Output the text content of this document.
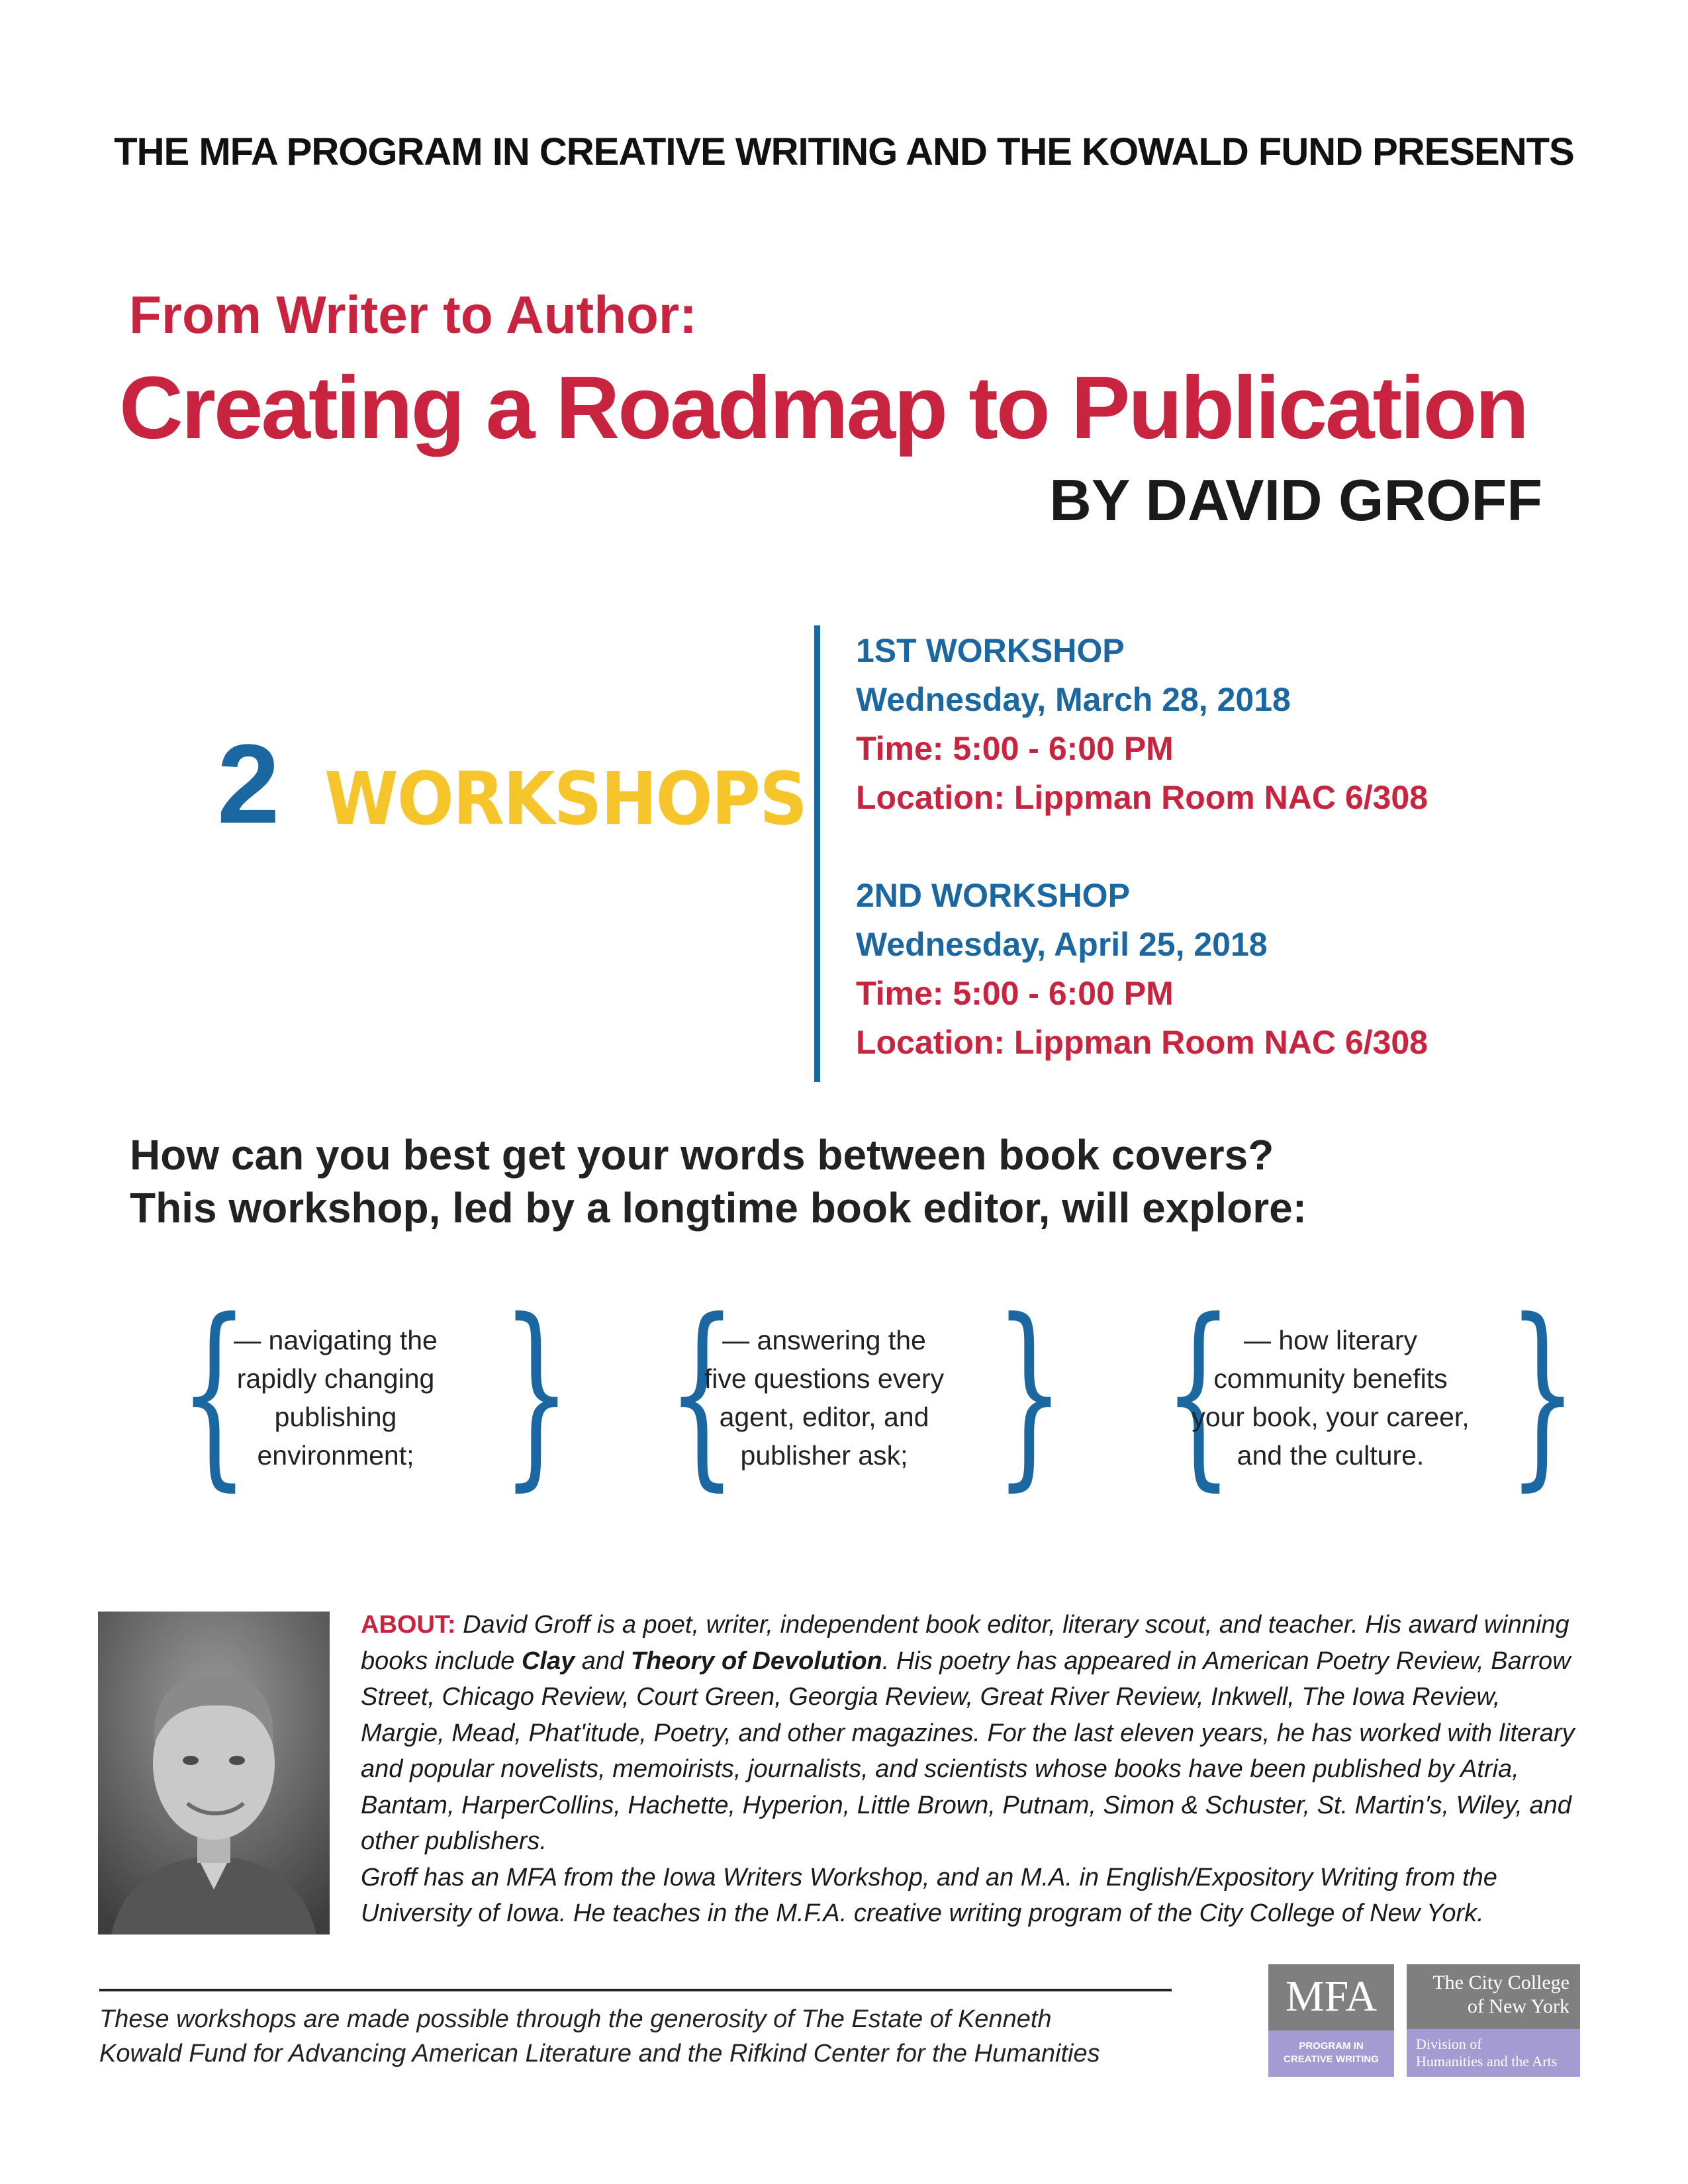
THE MFA PROGRAM IN CREATIVE WRITING AND THE KOWALD FUND PRESENTS
From Writer to Author:
Creating a Roadmap to Publication
BY DAVID GROFF
2 WORKSHOPS
1ST WORKSHOP
Wednesday, March 28, 2018
Time: 5:00 - 6:00 PM
Location: Lippman Room NAC 6/308
2ND WORKSHOP
Wednesday, April 25, 2018
Time: 5:00 - 6:00 PM
Location: Lippman Room NAC 6/308
How can you best get your words between book covers?
This workshop, led by a longtime book editor, will explore:
{
— navigating the
rapidly changing
publishing
environment; } {
— answering the
five questions every
agent, editor, and
publisher ask; } { — how literary
community benefits
your book, your career,
and the culture. }
ABOUT: David Groff is a poet, writer, independent book editor, literary scout, and teacher. His award winning books include Clay and Theory of Devolution. His poetry has appeared in American Poetry Review, Barrow Street, Chicago Review, Court Green, Georgia Review, Great River Review, Inkwell, The Iowa Review, Margie, Mead, Phat'itude, Poetry, and other magazines. For the last eleven years, he has worked with literary and popular novelists, memoirists, journalists, and scientists whose books have been published by Atria, Bantam, HarperCollins, Hachette, Hyperion, Little Brown, Putnam, Simon & Schuster, St. Martin's, Wiley, and other publishers.
Groff has an MFA from the Iowa Writers Workshop, and an M.A. in English/Expository Writing from the University of Iowa. He teaches in the M.F.A. creative writing program of the City College of New York.
These workshops are made possible through the generosity of The Estate of Kenneth
Kowald Fund for Advancing American Literature and the Rifkind Center for the Humanities
MFA
PROGRAM IN
CREATIVE WRITING
The City College
of New York
Division of
Humanities and the Arts
